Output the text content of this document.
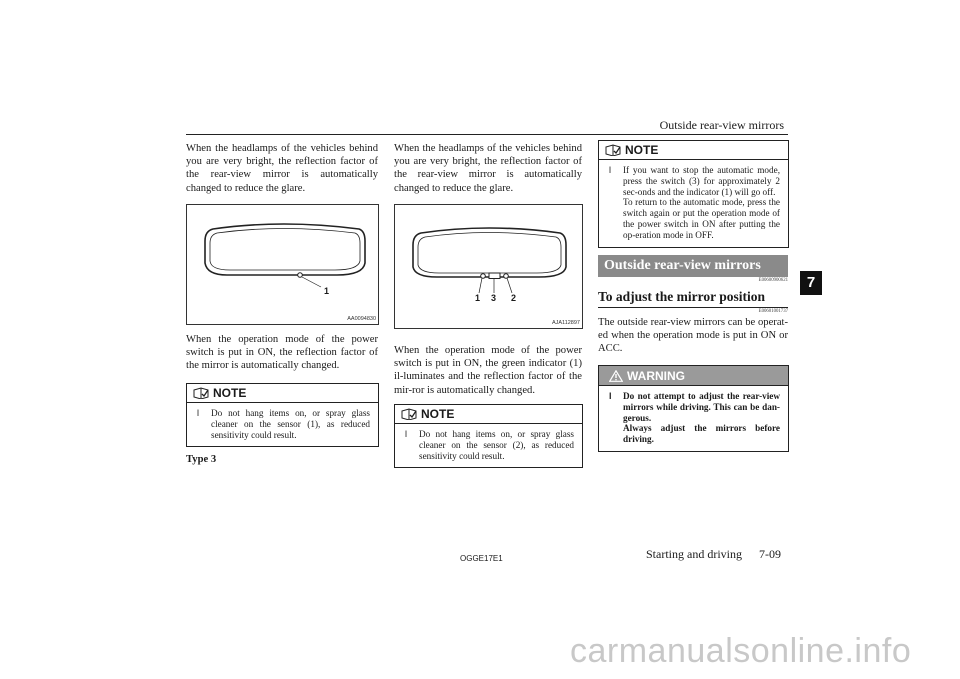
Outside rear-view mirrors
7
When the headlamps of the vehicles behind you are very bright, the reflection factor of the rear-view mirror is automatically changed to reduce the glare.
1
AA0094830
When the operation mode of the power switch is put in ON, the reflection factor of the mirror is automatically changed.
NOTE
l Do not hang items on, or spray glass cleaner on the sensor (1), as reduced sensitivity could result.
Type 3
When the headlamps of the vehicles behind you are very bright, the reflection factor of the rear-view mirror is automatically changed to reduce the glare.
1 3 2
AJA112897
When the operation mode of the power switch is put in ON, the green indicator (1) il-luminates and the reflection factor of the mir-ror is automatically changed.
NOTE
l Do not hang items on, or spray glass cleaner on the sensor (2), as reduced sensitivity could result.
NOTE
l If you want to stop the automatic mode, press the switch (3) for approximately 2 sec-onds and the indicator (1) will go off.
To return to the automatic mode, press the switch again or put the operation mode of the power switch in ON after putting the op-eration mode in OFF.
Outside rear-view mirrors
E00600900621
To adjust the mirror position
E00601001737
The outside rear-view mirrors can be operat-ed when the operation mode is put in ON or ACC.
WARNING
l Do not attempt to adjust the rear-view mirrors while driving. This can be dan-gerous.
Always adjust the mirrors before driving.
OGGE17E1	Starting and driving 7-09
carmanualsonline.info
